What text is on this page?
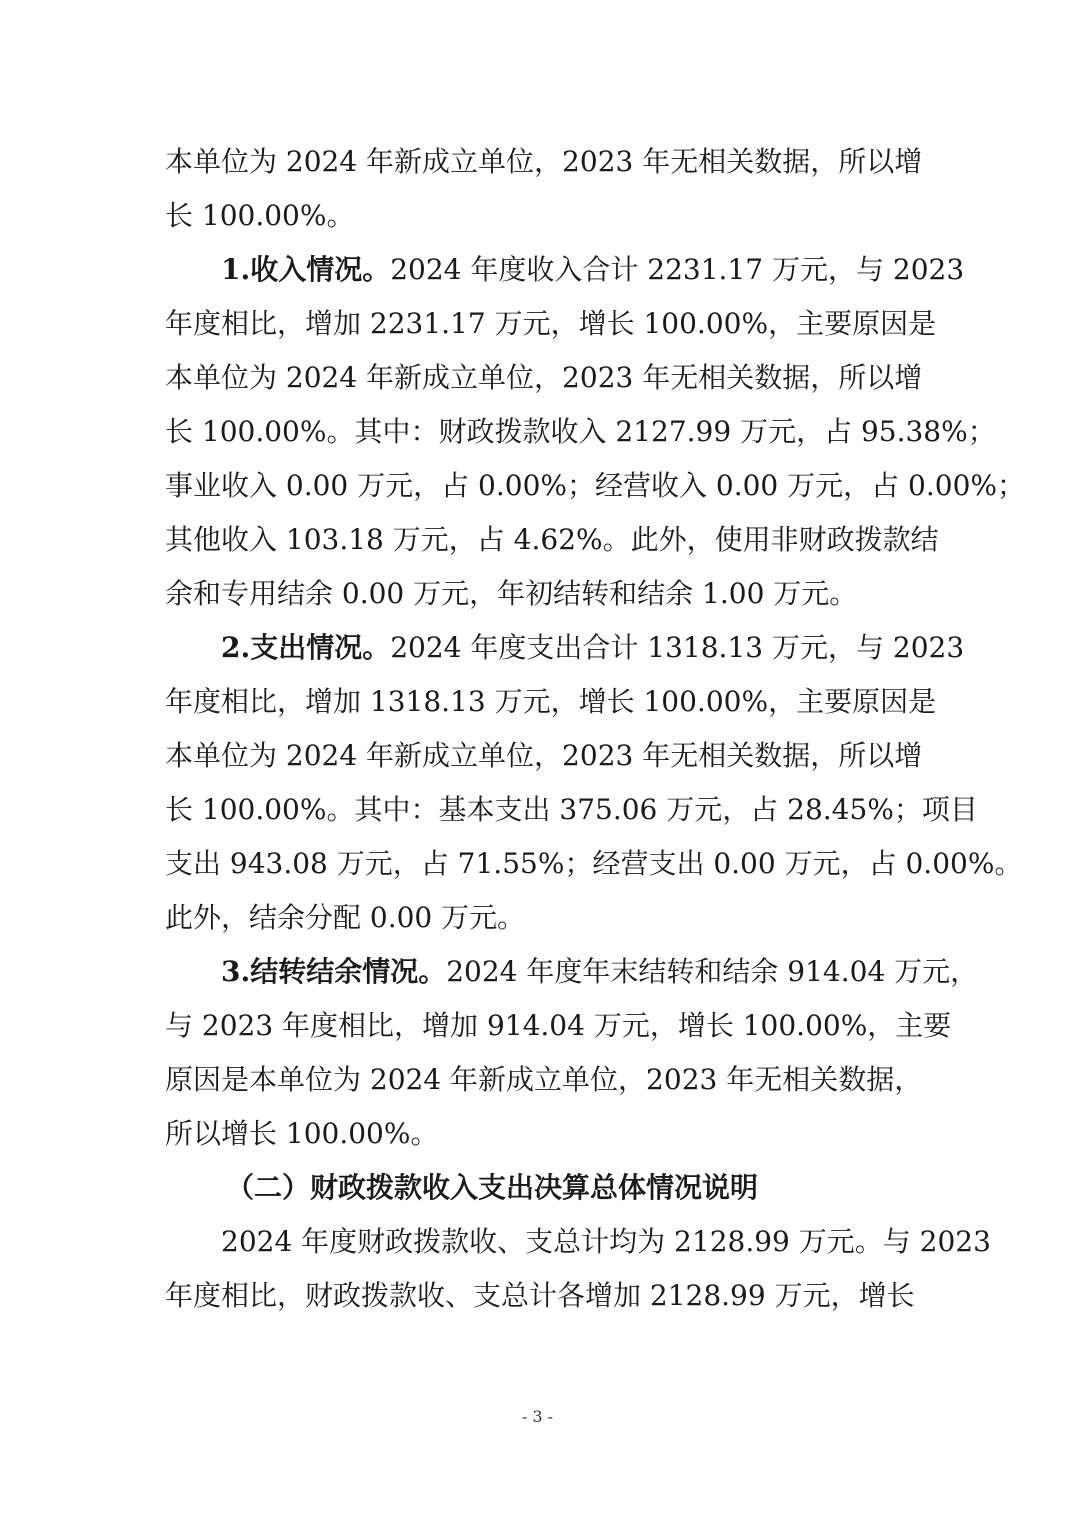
本单位为 2024 年新成立单位，2023 年无相关数据，所以增
长 100.00%。
1.收入情况。2024 年度收入合计 2231.17 万元，与 2023
年度相比，增加 2231.17 万元，增长 100.00%，主要原因是
本单位为 2024 年新成立单位，2023 年无相关数据，所以增
长 100.00%。其中：财政拨款收入 2127.99 万元，占 95.38%；
事业收入 0.00 万元，占 0.00%；经营收入 0.00 万元，占 0.00%；
其他收入 103.18 万元，占 4.62%。此外，使用非财政拨款结
余和专用结余 0.00 万元，年初结转和结余 1.00 万元。
2.支出情况。2024 年度支出合计 1318.13 万元，与 2023
年度相比，增加 1318.13 万元，增长 100.00%，主要原因是
本单位为 2024 年新成立单位，2023 年无相关数据，所以增
长 100.00%。其中：基本支出 375.06 万元，占 28.45%；项目
支出 943.08 万元，占 71.55%；经营支出 0.00 万元，占 0.00%。
此外，结余分配 0.00 万元。
3.结转结余情况。2024 年度年末结转和结余 914.04 万元，
与 2023 年度相比，增加 914.04 万元，增长 100.00%，主要
原因是本单位为 2024 年新成立单位，2023 年无相关数据，
所以增长 100.00%。
（二）财政拨款收入支出决算总体情况说明
2024 年度财政拨款收、支总计均为 2128.99 万元。与 2023
年度相比，财政拨款收、支总计各增加 2128.99 万元，增长
- 3 -
